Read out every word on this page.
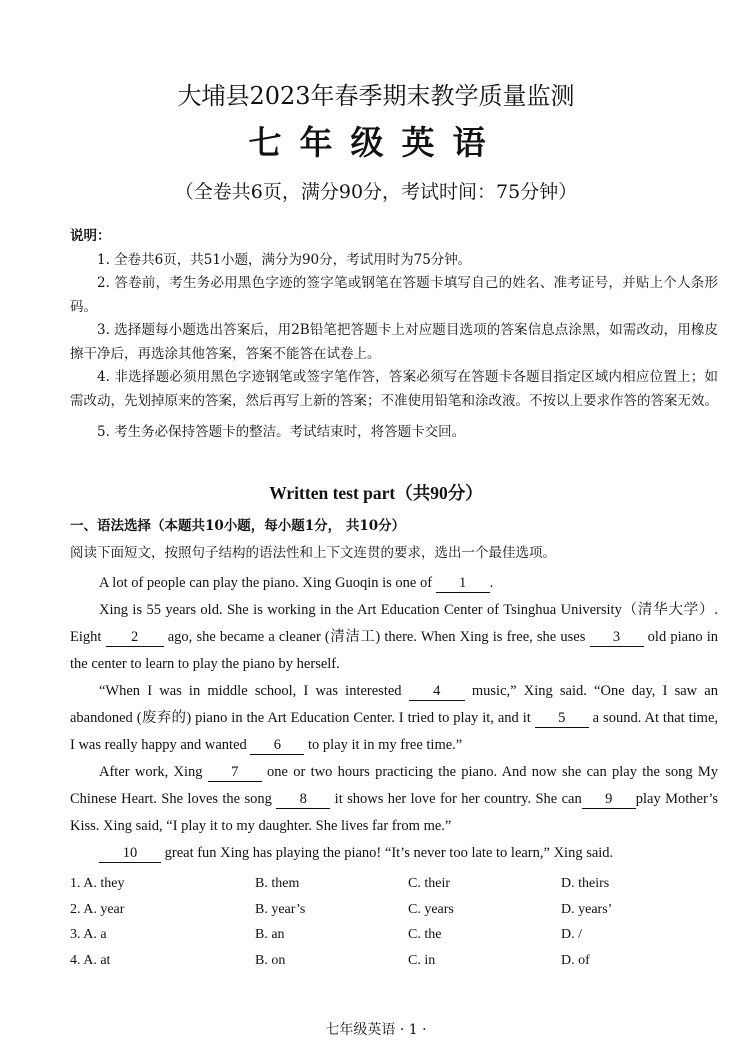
大埔县2023年春季期末教学质量监测
七年级英语
（全卷共6页，满分90分，考试时间：75分钟）
说明：

1. 全卷共6页，共51小题，满分为90分，考试用时为75分钟。

2. 答卷前，考生务必用黑色字迹的签字笔或钢笔在答题卡填写自己的姓名、准考证号，并贴上个人条形码。

3. 选择题每小题选出答案后，用2B铅笔把答题卡上对应题目选项的答案信息点涂黑，如需改动，用橡皮擦干净后，再选涂其他答案，答案不能答在试卷上。

4. 非选择题必须用黑色字迹钢笔或签字笔作答，答案必须写在答题卡各题目指定区域内相应位置上；如需改动，先划掉原来的答案，然后再写上新的答案；不准使用铅笔和涂改液。不按以上要求作答的答案无效。

5. 考生务必保持答题卡的整洁。考试结束时，将答题卡交回。

Written test part（共90分）
一、语法选择（本题共10小题，每小题1分， 共10分）
阅读下面短文，按照句子结构的语法性和上下文连贯的要求，选出一个最佳选项。

A lot of people can play the piano. Xing Guoqin is one of 1 .

Xing is 55 years old. She is working in the Art Education Center of Tsinghua University（清华大学）. Eight 2 ago, she became a cleaner (清洁工) there. When Xing is free, she uses 3 old piano in the center to learn to play the piano by herself.

“When I was in middle school, I was interested 4 music,” Xing said. “One day, I saw an abandoned (废弃的) piano in the Art Education Center. I tried to play it, and it 5 a sound. At that time, I was really happy and wanted 6 to play it in my free time.”

After work, Xing 7 one or two hours practicing the piano. And now she can play the song My Chinese Heart. She loves the song 8 it shows her love for her country. She can 9 play Mother’s Kiss. Xing said, “I play it to my daughter. She lives far from me.”

10 great fun Xing has playing the piano! “It’s never too late to learn,” Xing said.

1. A. they	B. them	C. their	D. theirs
2. A. year	B. year’s	C. years	D. years’
3. A. a	B. an	C. the	D. /
4. A. at	B. on	C. in	D. of
七年级英语 · 1 ·
